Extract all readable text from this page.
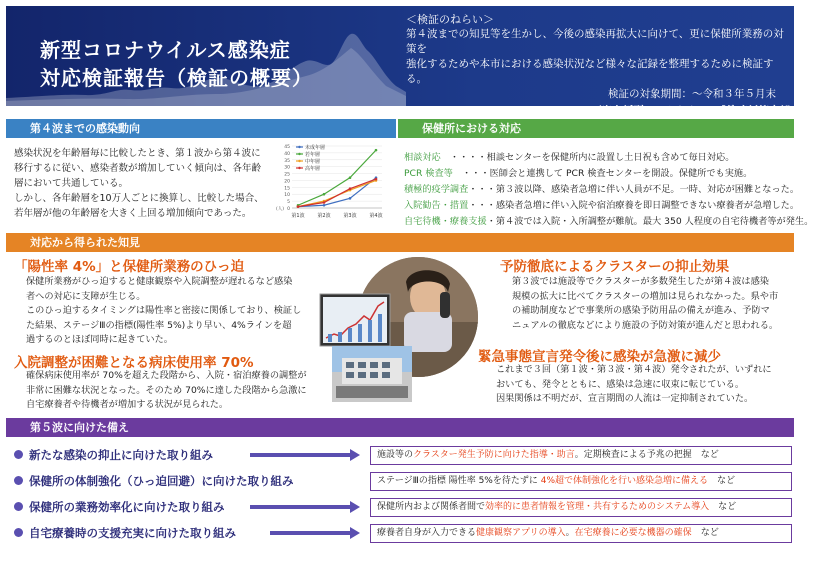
新型コロナウイルス感染症
対応検証報告（検証の概要）
＜検証のねらい＞
第４波までの知見等を生かし、今後の感染再拡大に向けて、更に保健所業務の対策を
強化するためや本市における感染状況など様々な記録を整理するために検証する。
検証の対象期間：～令和３年５月末
西宮市新型コロナウイルス感染症対策本部
第４波までの感染動向
感染状況を年齢層毎に比較したとき、第１波から第４波に
移行するに従い、感染者数が増加していく傾向は、各年齢
層において共通している。
しかし、各年齢層を10万人ごとに換算し、比較した場合、
若年層が他の年齢層を大きく上回る増加傾向であった。	0
5
10
15
20
25
30
35
40
45
(人)
第1波	第2波	第3波	第4波
未成年層
若年層
中年層
高年層
保健所における対応
相談対応　・・・・相談センターを保健所内に設置し土日祝も含めて毎日対応。
PCR 検査等　・・・医師会と連携して PCR 検査センターを開設。保健所でも実施。
積極的疫学調査・・・第３波以降、感染者急増に伴い人員が不足。一時、対応が困難となった。
入院勧告・措置・・・感染者急増に伴い入院や宿泊療養を即日調整できない療養者が急増した。
自宅待機・療養支援・第４波では入院・入所調整が難航。最大 350 人程度の自宅待機者等が発生。
対応から得られた知見
「陽性率 4%」と保健所業務のひっ迫
保健所業務がひっ迫すると健康観察や入院調整が遅れるなど感染
者への対応に支障が生じる。
このひっ迫するタイミングは陽性率と密接に関係しており、検証し
た結果、ステージⅢの指標(陽性率 5%)より早い、4%ラインを超
過するのとほぼ同時に起きていた。
入院調整が困難となる病床使用率 70%
確保病床使用率が 70%を超えた段階から、入院・宿泊療養の調整が
非常に困難な状況となった。そのため 70%に達した段階から急激に
自宅療養者や待機者が増加する状況が見られた。
予防徹底によるクラスターの抑止効果
第３波では施設等でクラスターが多数発生したが第４波は感染
規模の拡大に比べてクラスターの増加は見られなかった。県や市
の補助制度などで事業所の感染予防用品の備えが進み、予防マ
ニュアルの徹底などにより施設の予防対策が進んだと思われる。
緊急事態宣言発令後に感染が急激に減少
これまで３回（第１波・第３波・第４波）発令されたが、いずれに
おいても、発令とともに、感染は急速に収束に転じている。
因果関係は不明だが、宣言期間の人流は一定抑制されていた。
第５波に向けた備え
新たな感染の抑止に向けた取り組み	施設等のクラスター発生予防に向けた指導・助言。定期検査による予兆の把握　など
保健所の体制強化（ひっ迫回避）に向けた取り組み	ステージⅢの指標 陽性率 5%を待たずに 4%超で体制強化を行い感染急増に備える　など
保健所の業務効率化に向けた取り組み	保健所内および関係者間で効率的に患者情報を管理・共有するためのシステム導入　など
自宅療養時の支援充実に向けた取り組み	療養者自身が入力できる健康観察アプリの導入。在宅療養に必要な機器の確保　など
